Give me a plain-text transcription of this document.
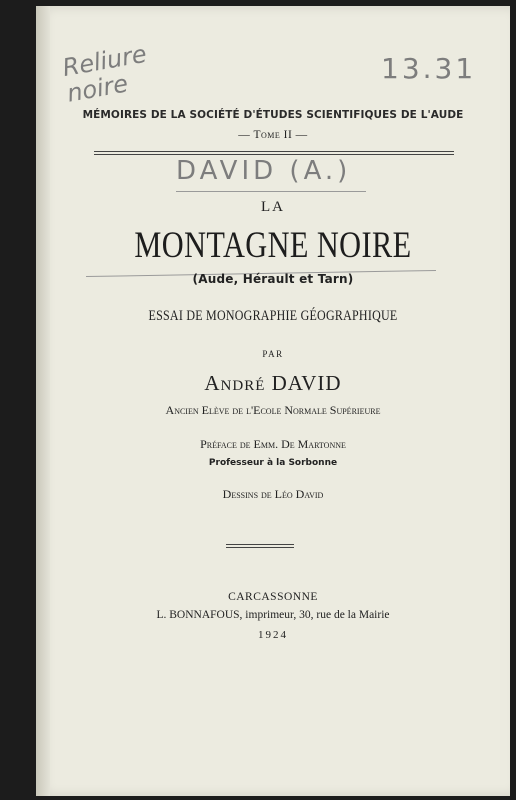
Reliure noire
13.31
MÉMOIRES DE LA SOCIÉTÉ D'ÉTUDES SCIENTIFIQUES DE L'AUDE
— Tome II —
DAVID (A.)
LA
MONTAGNE NOIRE
(Aude, Hérault et Tarn)
ESSAI DE MONOGRAPHIE GÉOGRAPHIQUE
PAR
André DAVID
Ancien Elève de l'Ecole Normale Supérieure
Préface de Emm. De Martonne
Professeur à la Sorbonne
Dessins de Léo David
CARCASSONNE
L. BONNAFOUS, imprimeur, 30, rue de la Mairie
1924
